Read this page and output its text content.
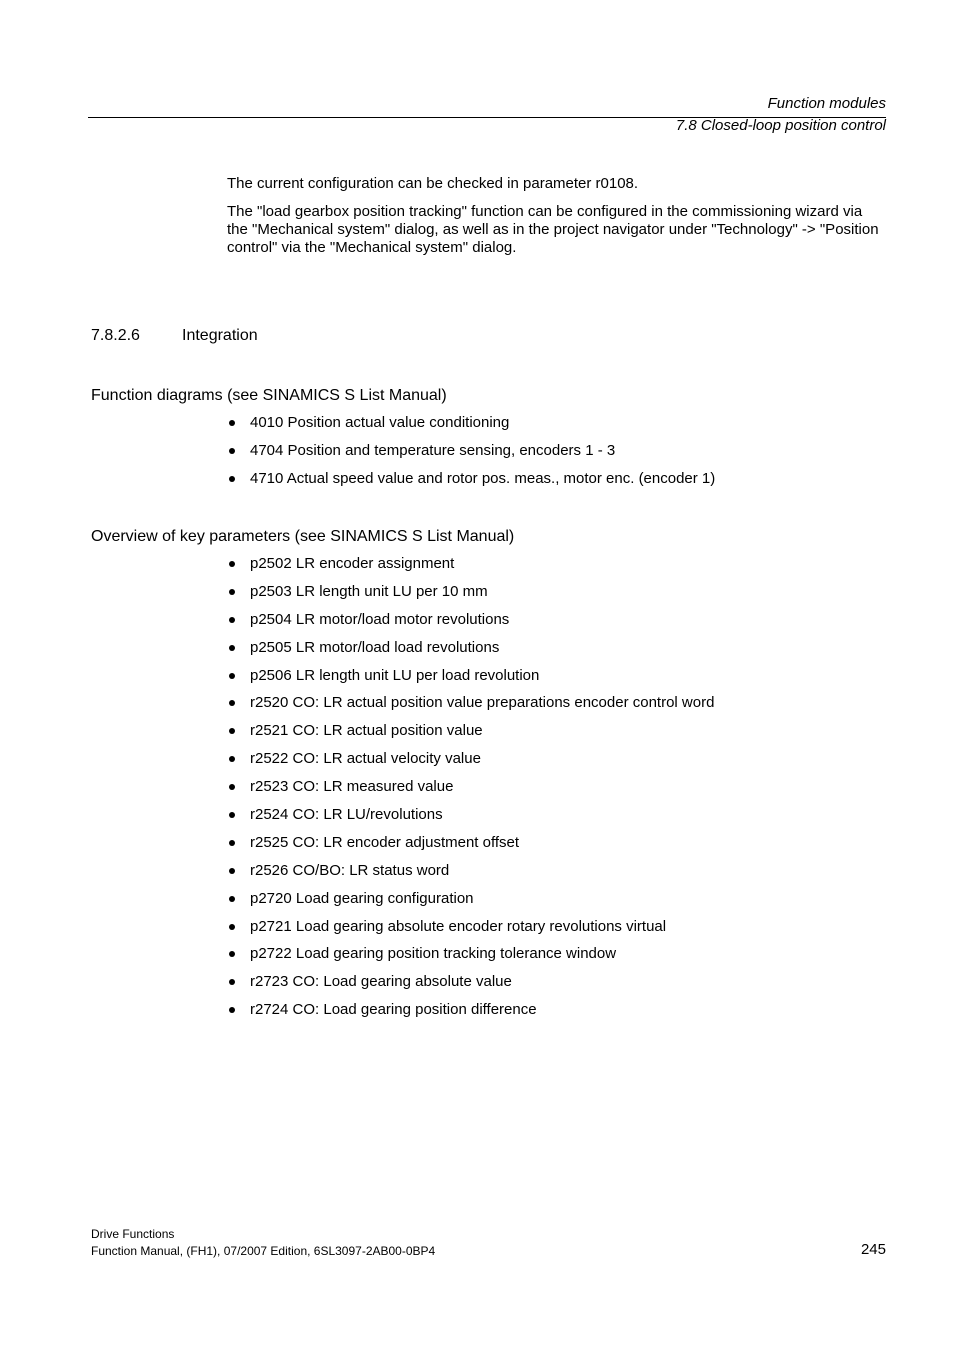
Function modules
7.8 Closed-loop position control

The current configuration can be checked in parameter r0108.

The "load gearbox position tracking" function can be configured in the commissioning wizard via the "Mechanical system" dialog, as well as in the project navigator under "Technology" -> "Position control" via the "Mechanical system" dialog.

7.8.2.6	Integration
Function diagrams (see SINAMICS S List Manual)
4010 Position actual value conditioning
4704 Position and temperature sensing, encoders 1 - 3
4710 Actual speed value and rotor pos. meas., motor enc. (encoder 1)
Overview of key parameters (see SINAMICS S List Manual)
p2502 LR encoder assignment
p2503 LR length unit LU per 10 mm
p2504 LR motor/load motor revolutions
p2505 LR motor/load load revolutions
p2506 LR length unit LU per load revolution
r2520 CO: LR actual position value preparations encoder control word
r2521 CO: LR actual position value
r2522 CO: LR actual velocity value
r2523 CO: LR measured value
r2524 CO: LR LU/revolutions
r2525 CO: LR encoder adjustment offset
r2526 CO/BO: LR status word
p2720 Load gearing configuration
p2721 Load gearing absolute encoder rotary revolutions virtual
p2722 Load gearing position tracking tolerance window
r2723 CO: Load gearing absolute value
r2724 CO: Load gearing position difference
Drive Functions
Function Manual, (FH1), 07/2007 Edition, 6SL3097-2AB00-0BP4	245
